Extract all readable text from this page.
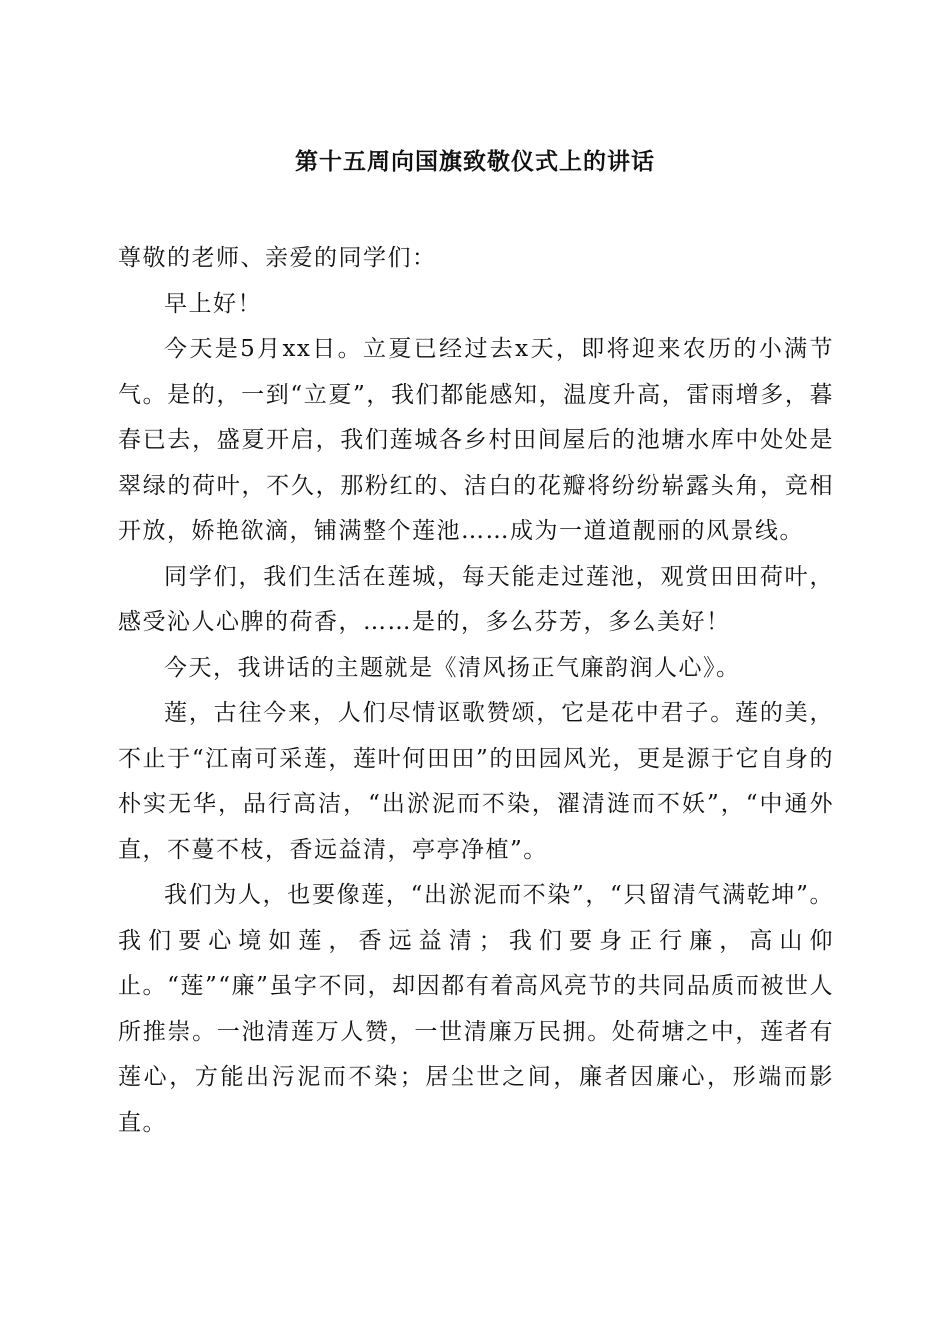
第十五周向国旗致敬仪式上的讲话

尊敬的老师、亲爱的同学们：

早上好！

今天是5月xx日。立夏已经过去x天，即将迎来农历的小满节气。是的，一到“立夏”，我们都能感知，温度升高，雷雨增多，暮春已去，盛夏开启，我们莲城各乡村田间屋后的池塘水库中处处是翠绿的荷叶，不久，那粉红的、洁白的花瓣将纷纷崭露头角，竞相开放，娇艳欲滴，铺满整个莲池……成为一道道靓丽的风景线。

同学们，我们生活在莲城，每天能走过莲池，观赏田田荷叶，感受沁人心脾的荷香，……是的，多么芬芳，多么美好！

今天，我讲话的主题就是《清风扬正气廉韵润人心》。

莲，古往今来，人们尽情讴歌赞颂，它是花中君子。莲的美，不止于“江南可采莲，莲叶何田田”的田园风光，更是源于它自身的朴实无华，品行高洁，“出淤泥而不染，濯清涟而不妖”，“中通外直，不蔓不枝，香远益清，亭亭净植”。

我们为人，也要像莲，“出淤泥而不染”，“只留清气满乾坤”。我们要心境如莲，香远益清；我们要身正行廉，高山仰止。“莲”“廉”虽字不同，却因都有着高风亮节的共同品质而被世人所推崇。一池清莲万人赞，一世清廉万民拥。处荷塘之中，莲者有莲心，方能出污泥而不染；居尘世之间，廉者因廉心，形端而影直。
